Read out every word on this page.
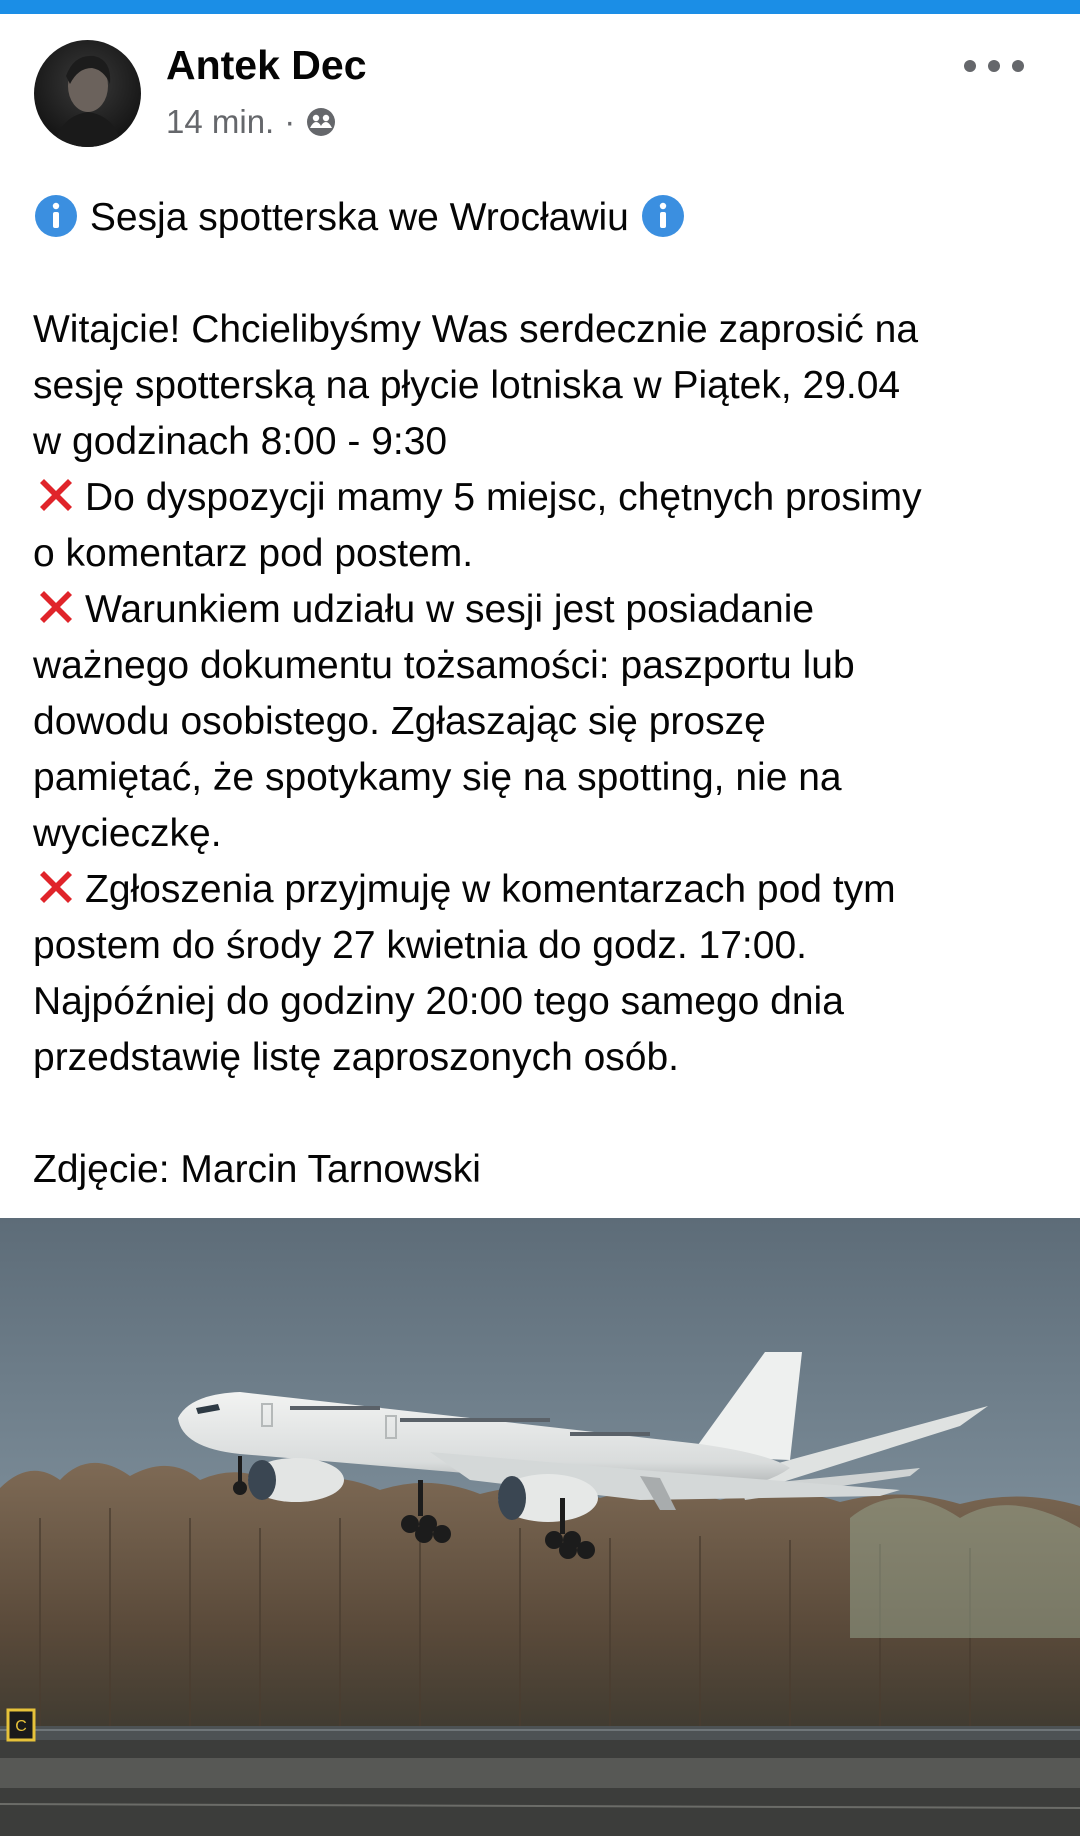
Antek Dec
14 min. ·

Sesja spotterska we Wrocławiu

Witajcie! Chcielibyśmy Was serdecznie zaprosić na

sesję spotterską na płycie lotniska w Piątek, 29.04

w godzinach 8:00 - 9:30

Do dyspozycji mamy 5 miejsc, chętnych prosimy

o komentarz pod postem.

Warunkiem udziału w sesji jest posiadanie

ważnego dokumentu tożsamości: paszportu lub

dowodu osobistego. Zgłaszając się proszę

pamiętać, że spotykamy się na spotting, nie na

wycieczkę.

Zgłoszenia przyjmuję w komentarzach pod tym

postem do środy 27 kwietnia do godz. 17:00.

Najpóźniej do godziny 20:00 tego samego dnia

przedstawię listę zaproszonych osób.

Zdjęcie: Marcin Tarnowski

C
